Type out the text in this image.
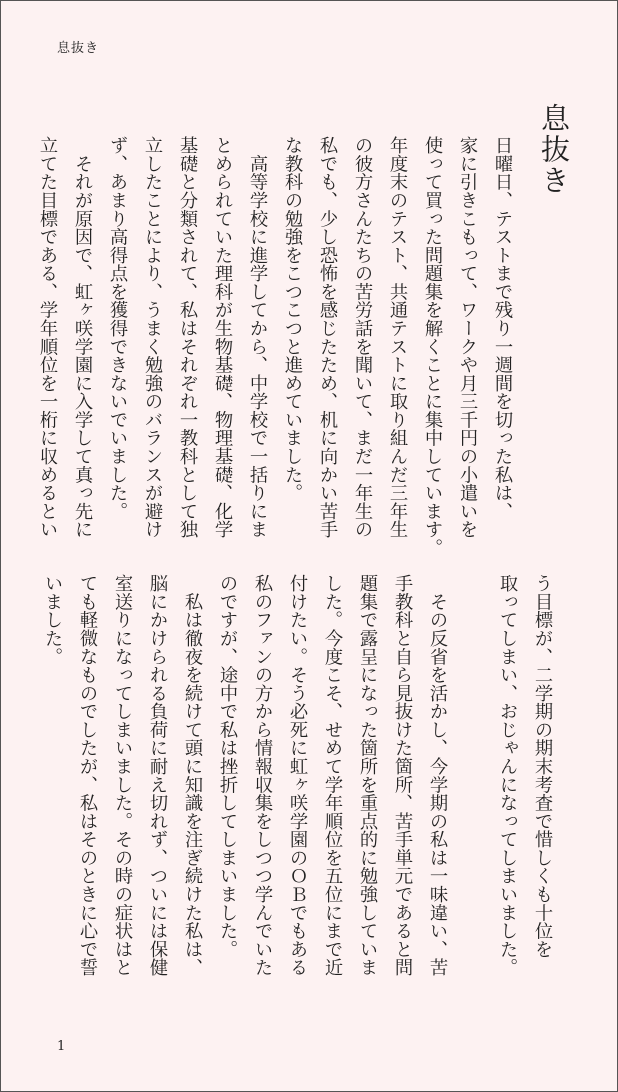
息抜き
息抜き
日曜日、テストまで残り一週間を切った私は、
家に引きこもって、ワークや月三千円の小遣いを
使って買った問題集を解くことに集中しています。
年度末のテスト、共通テストに取り組んだ三年生
の彼方さんたちの苦労話を聞いて、まだ一年生の
私でも、少し恐怖を感じたため、机に向かい苦手
な教科の勉強をこつこつと進めていました。
　高等学校に進学してから、中学校で一括りにま
とめられていた理科が生物基礎、物理基礎、化学
基礎と分類されて、私はそれぞれ一教科として独
立したことにより、うまく勉強のバランスが避け
ず、あまり高得点を獲得できないでいました。
　それが原因で、虹ヶ咲学園に入学して真っ先に
立てた目標である、学年順位を一桁に収めるとい
う目標が、二学期の期末考査で惜しくも十位を
取ってしまい、おじゃんになってしまいました。
　その反省を活かし、今学期の私は一味違い、苦
手教科と自ら見抜けた箇所、苦手単元であると問
題集で露呈になった箇所を重点的に勉強していま
した。今度こそ、せめて学年順位を五位にまで近
付けたい。そう必死に虹ヶ咲学園のＯＢでもある
私のファンの方から情報収集をしつつ学んでいた
のですが、途中で私は挫折してしまいました。
　私は徹夜を続けて頭に知識を注ぎ続けた私は、
脳にかけられる負荷に耐え切れず、ついには保健
室送りになってしまいました。その時の症状はと
ても軽微なものでしたが、私はそのときに心で誓
いました。
1
